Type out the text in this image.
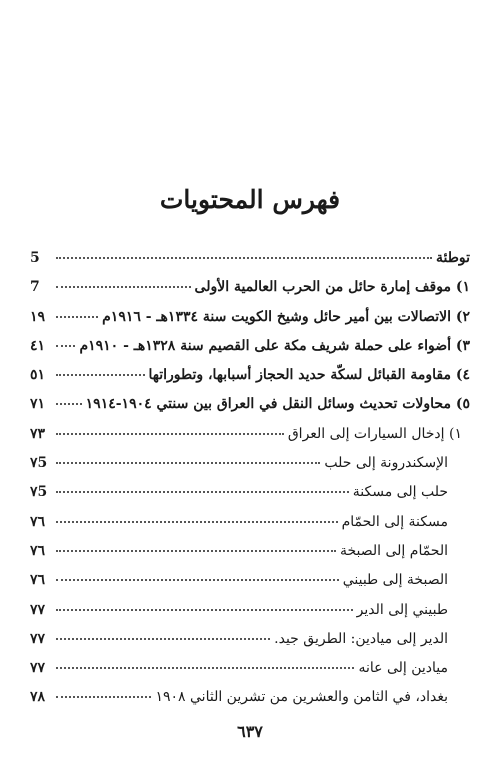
فهرس المحتويات
توطئة
5
١) موقف إمارة حائل من الحرب العالمية الأولى
7
٢) الاتصالات بين أمير حائل وشيخ الكويت سنة ١٣٣٤هـ - ١٩١٦م
١٩
٣) أضواء على حملة شريف مكة على القصيم سنة ١٣٢٨هـ - ١٩١٠م
٤١
٤) مقاومة القبائل لسكّة حديد الحجاز أسبابها، وتطوراتها
٥١
٥) محاولات تحديث وسائل النقل في العراق بين سنتي ١٩٠٤-١٩١٤
٧١
١) إدخال السيارات إلى العراق
٧٣
الإسكندرونة إلى حلب
٧5
حلب إلى مسكنة
٧5
مسكنة إلى الحمّام
٧٦
الحمّام إلى الصبخة
٧٦
الصبخة إلى طبيني
٧٦
طبيني إلى الدير
٧٧
الدير إلى ميادين: الطريق جيد.
٧٧
ميادين إلى عانه
٧٧
بغداد، في الثامن والعشرين من تشرين الثاني ١٩٠٨
٧٨
٦٣٧
